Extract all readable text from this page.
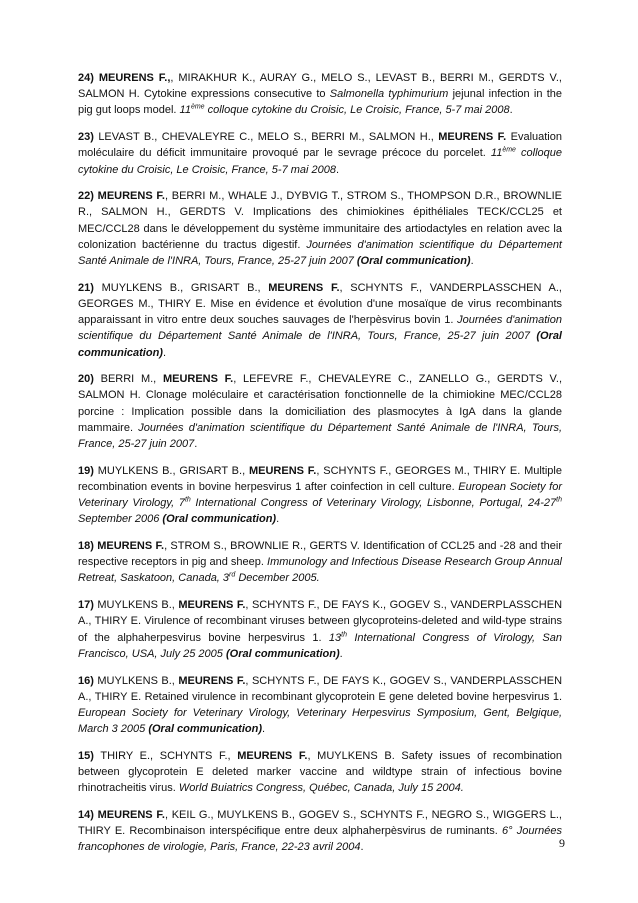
24) MEURENS F.,, MIRAKHUR K., AURAY G., MELO S., LEVAST B., BERRI M., GERDTS V., SALMON H. Cytokine expressions consecutive to Salmonella typhimurium jejunal infection in the pig gut loops model. 11ème colloque cytokine du Croisic, Le Croisic, France, 5-7 mai 2008.

23) LEVAST B., CHEVALEYRE C., MELO S., BERRI M., SALMON H., MEURENS F. Evaluation moléculaire du déficit immunitaire provoqué par le sevrage précoce du porcelet. 11ème colloque cytokine du Croisic, Le Croisic, France, 5-7 mai 2008.

22) MEURENS F., BERRI M., WHALE J., DYBVIG T., STROM S., THOMPSON D.R., BROWNLIE R., SALMON H., GERDTS V. Implications des chimiokines épithéliales TECK/CCL25 et MEC/CCL28 dans le développement du système immunitaire des artiodactyles en relation avec la colonization bactérienne du tractus digestif. Journées d'animation scientifique du Département Santé Animale de l'INRA, Tours, France, 25-27 juin 2007 (Oral communication).

21) MUYLKENS B., GRISART B., MEURENS F., SCHYNTS F., VANDERPLASSCHEN A., GEORGES M., THIRY E. Mise en évidence et évolution d'une mosaïque de virus recombinants apparaissant in vitro entre deux souches sauvages de l'herpèsvirus bovin 1. Journées d'animation scientifique du Département Santé Animale de l'INRA, Tours, France, 25-27 juin 2007 (Oral communication).

20) BERRI M., MEURENS F., LEFEVRE F., CHEVALEYRE C., ZANELLO G., GERDTS V., SALMON H. Clonage moléculaire et caractérisation fonctionnelle de la chimiokine MEC/CCL28 porcine : Implication possible dans la domiciliation des plasmocytes à IgA dans la glande mammaire. Journées d'animation scientifique du Département Santé Animale de l'INRA, Tours, France, 25-27 juin 2007.

19) MUYLKENS B., GRISART B., MEURENS F., SCHYNTS F., GEORGES M., THIRY E. Multiple recombination events in bovine herpesvirus 1 after coinfection in cell culture. European Society for Veterinary Virology, 7th International Congress of Veterinary Virology, Lisbonne, Portugal, 24-27th September 2006 (Oral communication).

18) MEURENS F., STROM S., BROWNLIE R., GERTS V. Identification of CCL25 and -28 and their respective receptors in pig and sheep. Immunology and Infectious Disease Research Group Annual Retreat, Saskatoon, Canada, 3rd December 2005.

17) MUYLKENS B., MEURENS F., SCHYNTS F., DE FAYS K., GOGEV S., VANDERPLASSCHEN A., THIRY E. Virulence of recombinant viruses between glycoproteins-deleted and wild-type strains of the alphaherpesvirus bovine herpesvirus 1. 13th International Congress of Virology, San Francisco, USA, July 25 2005 (Oral communication).

16) MUYLKENS B., MEURENS F., SCHYNTS F., DE FAYS K., GOGEV S., VANDERPLASSCHEN A., THIRY E. Retained virulence in recombinant glycoprotein E gene deleted bovine herpesvirus 1. European Society for Veterinary Virology, Veterinary Herpesvirus Symposium, Gent, Belgique, March 3 2005 (Oral communication).

15) THIRY E., SCHYNTS F., MEURENS F., MUYLKENS B. Safety issues of recombination between glycoprotein E deleted marker vaccine and wildtype strain of infectious bovine rhinotracheitis virus. World Buiatrics Congress, Québec, Canada, July 15 2004.

14) MEURENS F., KEIL G., MUYLKENS B., GOGEV S., SCHYNTS F., NEGRO S., WIGGERS L., THIRY E. Recombinaison interspécifique entre deux alphaherpèsvirus de ruminants. 6° Journées francophones de virologie, Paris, France, 22-23 avril 2004.	9
